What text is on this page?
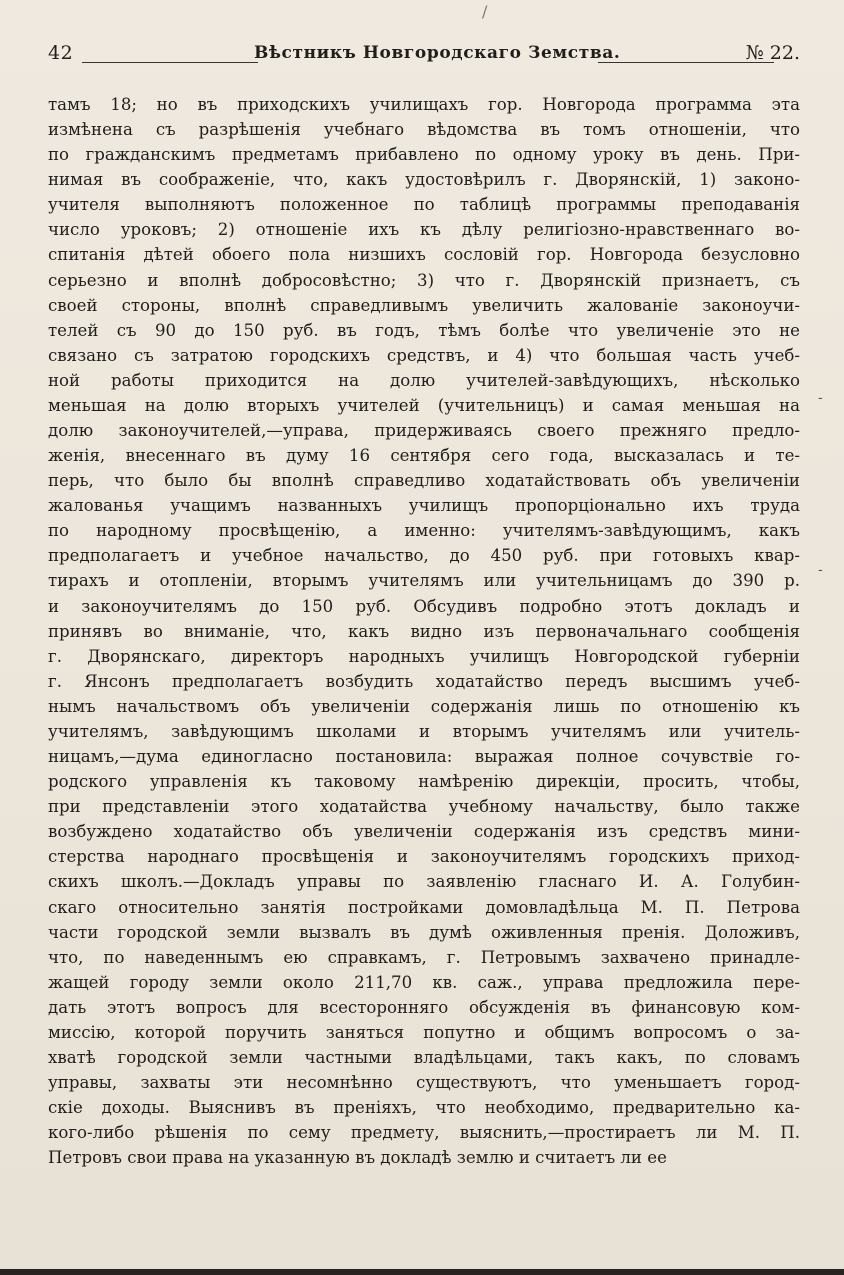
/
42	Вѣстникъ Новгородскаго Земства.	№ 22.
тамъ 18; но въ приходскихъ училищахъ гор. Новгорода программа эта
измѣнена съ разрѣшенія учебнаго вѣдомства въ томъ отношеніи, что
по гражданскимъ предметамъ прибавлено по одному уроку въ день. При-
нимая въ соображеніе, что, какъ удостовѣрилъ г. Дворянскій, 1) законо-
учителя выполняютъ положенное по таблицѣ программы преподаванія
число уроковъ; 2) отношеніе ихъ къ дѣлу религіозно-нравственнаго во-
спитанія дѣтей обоего пола низшихъ сословій гор. Новгорода безусловно
серьезно и вполнѣ добросовѣстно; 3) что г. Дворянскій признаетъ, съ
своей стороны, вполнѣ справедливымъ увеличить жалованіе законоучи-
телей съ 90 до 150 руб. въ годъ, тѣмъ болѣе что увеличеніе это не
связано съ затратою городскихъ средствъ, и 4) что большая часть учеб-
ной работы приходится на долю учителей-завѣдующихъ, нѣсколько
меньшая на долю вторыхъ учителей (учительницъ) и самая меньшая на
долю законоучителей,—управа, придерживаясь своего прежняго предло-
женія, внесеннаго въ думу 16 сентября сего года, высказалась и те-
перь, что было бы вполнѣ справедливо ходатайствовать объ увеличеніи
жалованья учащимъ названныхъ училищъ пропорціонально ихъ труда
по народному просвѣщенію, а именно: учителямъ-завѣдующимъ, какъ
предполагаетъ и учебное начальство, до 450 руб. при готовыхъ квар-
тирахъ и отопленіи, вторымъ учителямъ или учительницамъ до 390 р.
и законоучителямъ до 150 руб. Обсудивъ подробно этотъ докладъ и
принявъ во вниманіе, что, какъ видно изъ первоначальнаго сообщенія
г. Дворянскаго, директоръ народныхъ училищъ Новгородской губерніи
г. Янсонъ предполагаетъ возбудить ходатайство передъ высшимъ учеб-
нымъ начальствомъ объ увеличеніи содержанія лишь по отношенію къ
учителямъ, завѣдующимъ школами и вторымъ учителямъ или учитель-
ницамъ,—дума единогласно постановила: выражая полное сочувствіе го-
родского управленія къ таковому намѣренію дирекціи, просить, чтобы,
при представленіи этого ходатайства учебному начальству, было также
возбуждено ходатайство объ увеличеніи содержанія изъ средствъ мини-
стерства народнаго просвѣщенія и законоучителямъ городскихъ приход-
скихъ школъ.—Докладъ управы по заявленію гласнаго И. А. Голубин-
скаго относительно занятія постройками домовладѣльца М. П. Петрова
части городской земли вызвалъ въ думѣ оживленныя пренія. Доложивъ,
что, по наведеннымъ ею справкамъ, г. Петровымъ захвачено принадле-
жащей городу земли около 211,70 кв. саж., управа предложила пере-
дать этотъ вопросъ для всесторонняго обсужденія въ финансовую ком-
миссію, которой поручить заняться попутно и общимъ вопросомъ о за-
хватѣ городской земли частными владѣльцами, такъ какъ, по словамъ
управы, захваты эти несомнѣнно существуютъ, что уменьшаетъ город-
скіе доходы. Выяснивъ въ преніяхъ, что необходимо, предварительно ка-
кого-либо рѣшенія по сему предмету, выяснить,—простираетъ ли М. П.
Петровъ свои права на указанную въ докладѣ землю и считаетъ ли ее
-
-
